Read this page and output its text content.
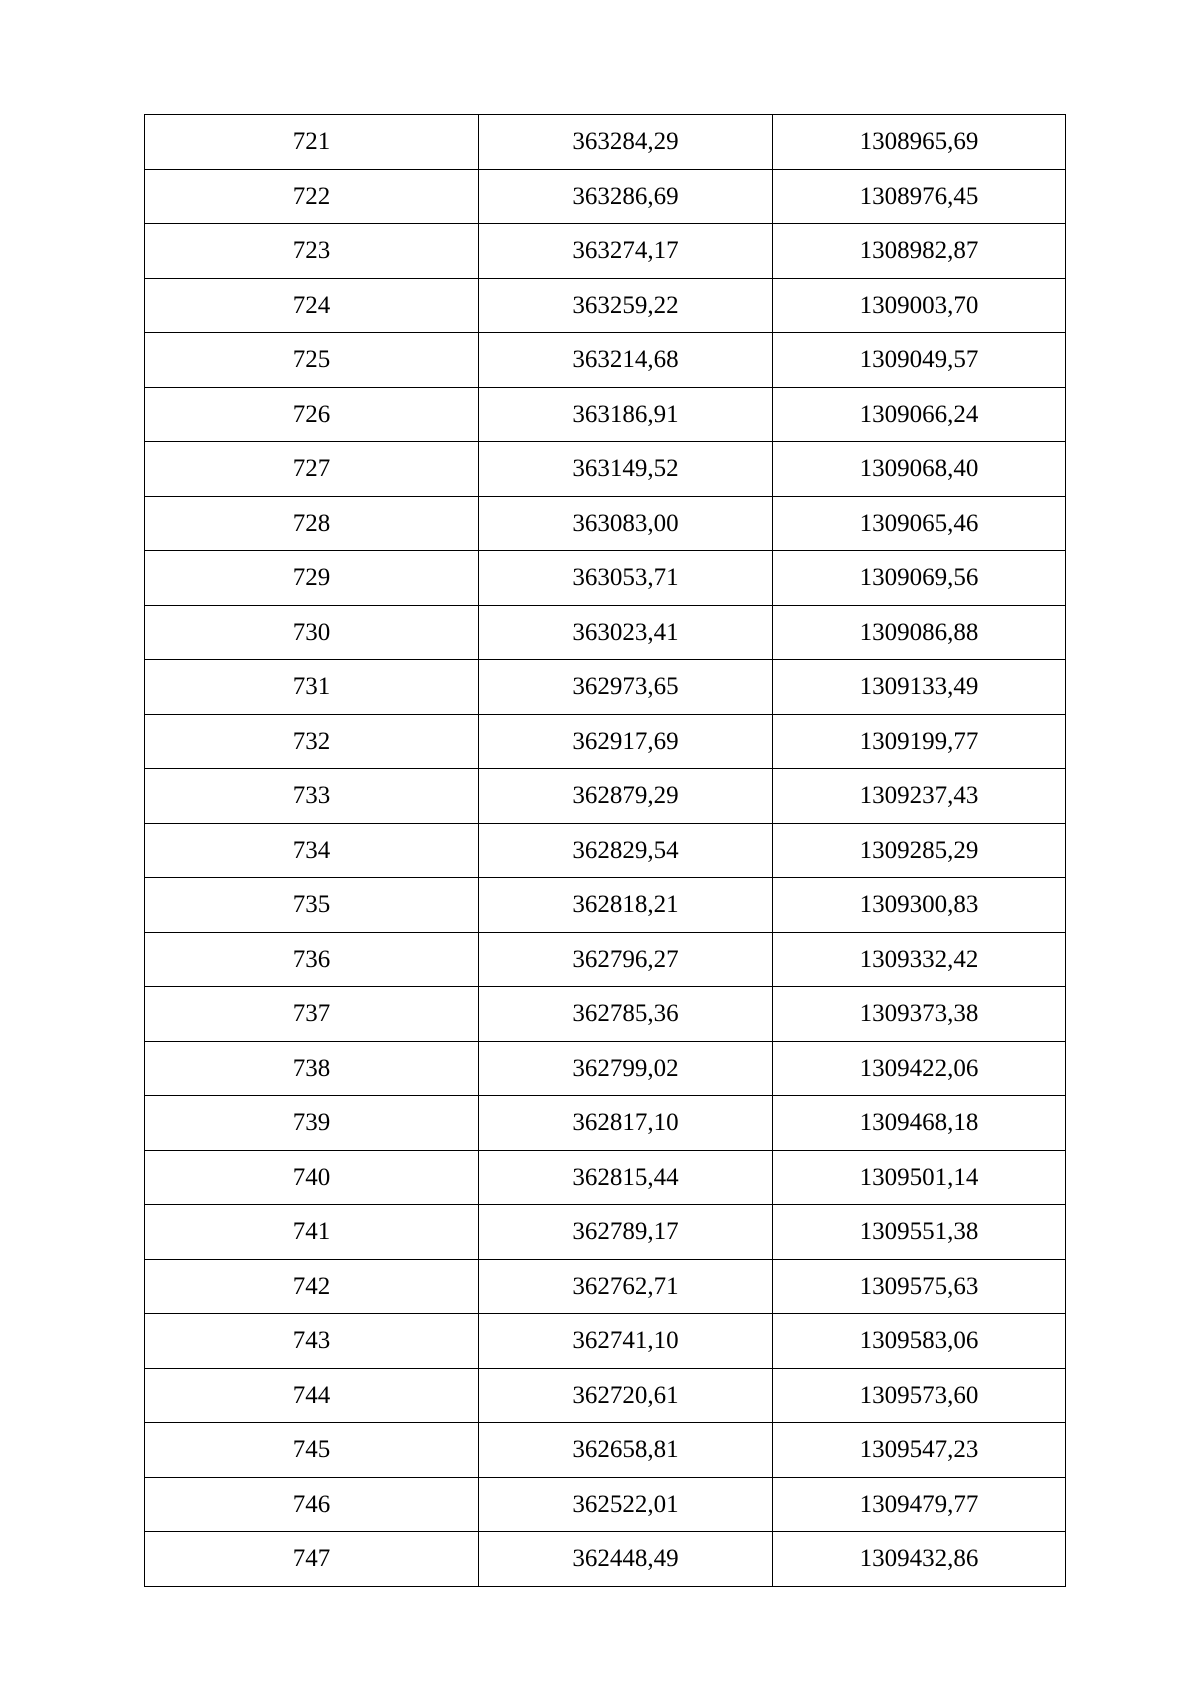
721	363284,29	1308965,69
722	363286,69	1308976,45
723	363274,17	1308982,87
724	363259,22	1309003,70
725	363214,68	1309049,57
726	363186,91	1309066,24
727	363149,52	1309068,40
728	363083,00	1309065,46
729	363053,71	1309069,56
730	363023,41	1309086,88
731	362973,65	1309133,49
732	362917,69	1309199,77
733	362879,29	1309237,43
734	362829,54	1309285,29
735	362818,21	1309300,83
736	362796,27	1309332,42
737	362785,36	1309373,38
738	362799,02	1309422,06
739	362817,10	1309468,18
740	362815,44	1309501,14
741	362789,17	1309551,38
742	362762,71	1309575,63
743	362741,10	1309583,06
744	362720,61	1309573,60
745	362658,81	1309547,23
746	362522,01	1309479,77
747	362448,49	1309432,86
